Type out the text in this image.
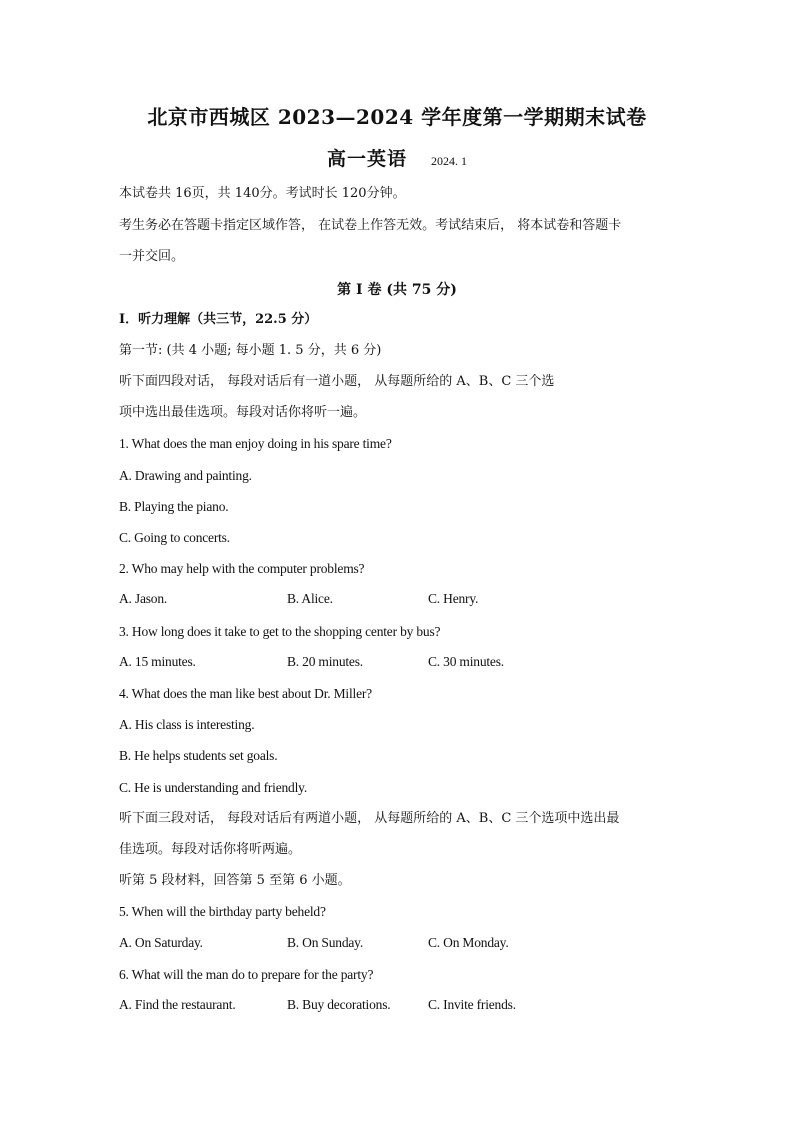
北京市西城区 2023—2024 学年度第一学期期末试卷
高一英语 2024. 1
本试卷共 16页，共 140分。考试时长 120分钟。
考生务必在答题卡指定区域作答， 在试卷上作答无效。考试结束后， 将本试卷和答题卡
一并交回。
第 I 卷 (共 75 分)
I．听力理解（共三节，22.5 分）
第一节: (共 4 小题; 每小题 1. 5 分，共 6 分)
听下面四段对话， 每段对话后有一道小题， 从每题所给的 A、B、C 三个选
项中选出最佳选项。每段对话你将听一遍。
1. What does the man enjoy doing in his spare time?
A. Drawing and painting.
B. Playing the piano.
C. Going to concerts.
2. Who may help with the computer problems?
A. Jason.	B. Alice.	C. Henry.
3. How long does it take to get to the shopping center by bus?
A. 15 minutes.	B. 20 minutes.	C. 30 minutes.
4. What does the man like best about Dr. Miller?
A. His class is interesting.
B. He helps students set goals.
C. He is understanding and friendly.
听下面三段对话， 每段对话后有两道小题， 从每题所给的 A、B、C 三个选项中选出最
佳选项。每段对话你将听两遍。
听第 5 段材料，回答第 5 至第 6 小题。
5. When will the birthday party beheld?
A. On Saturday.	B. On Sunday.	C. On Monday.
6. What will the man do to prepare for the party?
A. Find the restaurant.	B. Buy decorations.	C. Invite friends.
